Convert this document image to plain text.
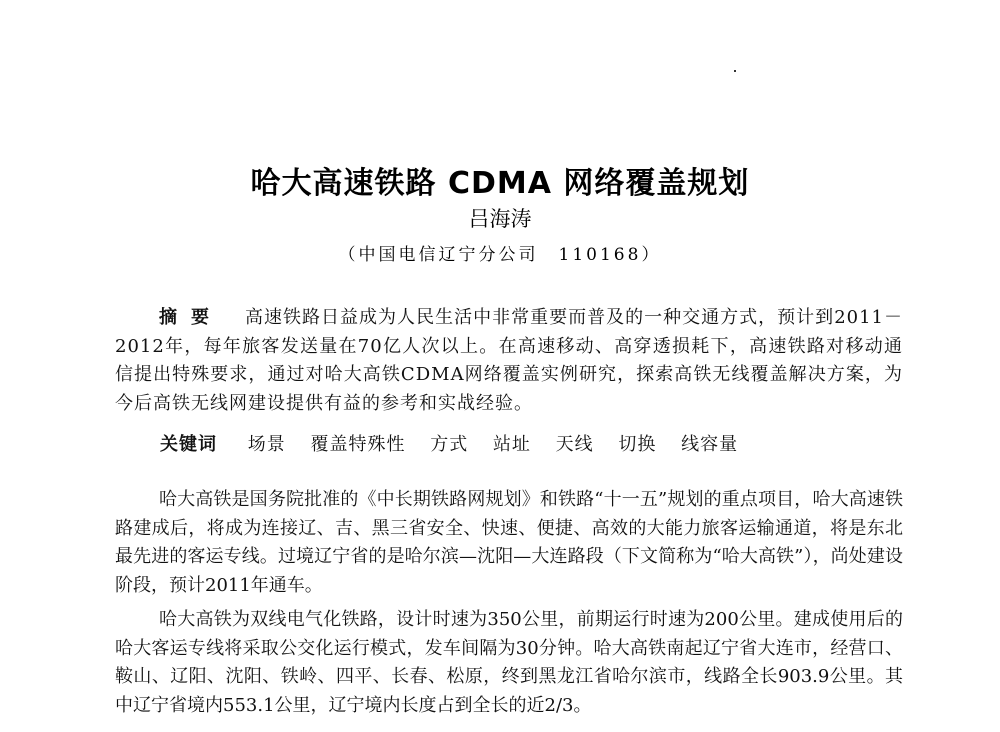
哈大高速铁路 CDMA 网络覆盖规划
吕海涛
（中国电信辽宁分公司　110168）
摘要 高速铁路日益成为人民生活中非常重要而普及的一种交通方式，预计到2011－2012年，每年旅客发送量在70亿人次以上。在高速移动、高穿透损耗下，高速铁路对移动通信提出特殊要求，通过对哈大高铁CDMA网络覆盖实例研究，探索高铁无线覆盖解决方案，为今后高铁无线网建设提供有益的参考和实战经验。
关键词 场景 覆盖特殊性 方式 站址 天线 切换 线容量
哈大高铁是国务院批准的《中长期铁路网规划》和铁路“十一五”规划的重点项目，哈大高速铁路建成后，将成为连接辽、吉、黑三省安全、快速、便捷、高效的大能力旅客运输通道，将是东北最先进的客运专线。过境辽宁省的是哈尔滨—沈阳—大连路段（下文简称为“哈大高铁”），尚处建设阶段，预计2011年通车。
哈大高铁为双线电气化铁路，设计时速为350公里，前期运行时速为200公里。建成使用后的哈大客运专线将采取公交化运行模式，发车间隔为30分钟。哈大高铁南起辽宁省大连市，经营口、鞍山、辽阳、沈阳、铁岭、四平、长春、松原，终到黑龙江省哈尔滨市，线路全长903.9公里。其中辽宁省境内553.1公里，辽宁境内长度占到全长的近2/3。
